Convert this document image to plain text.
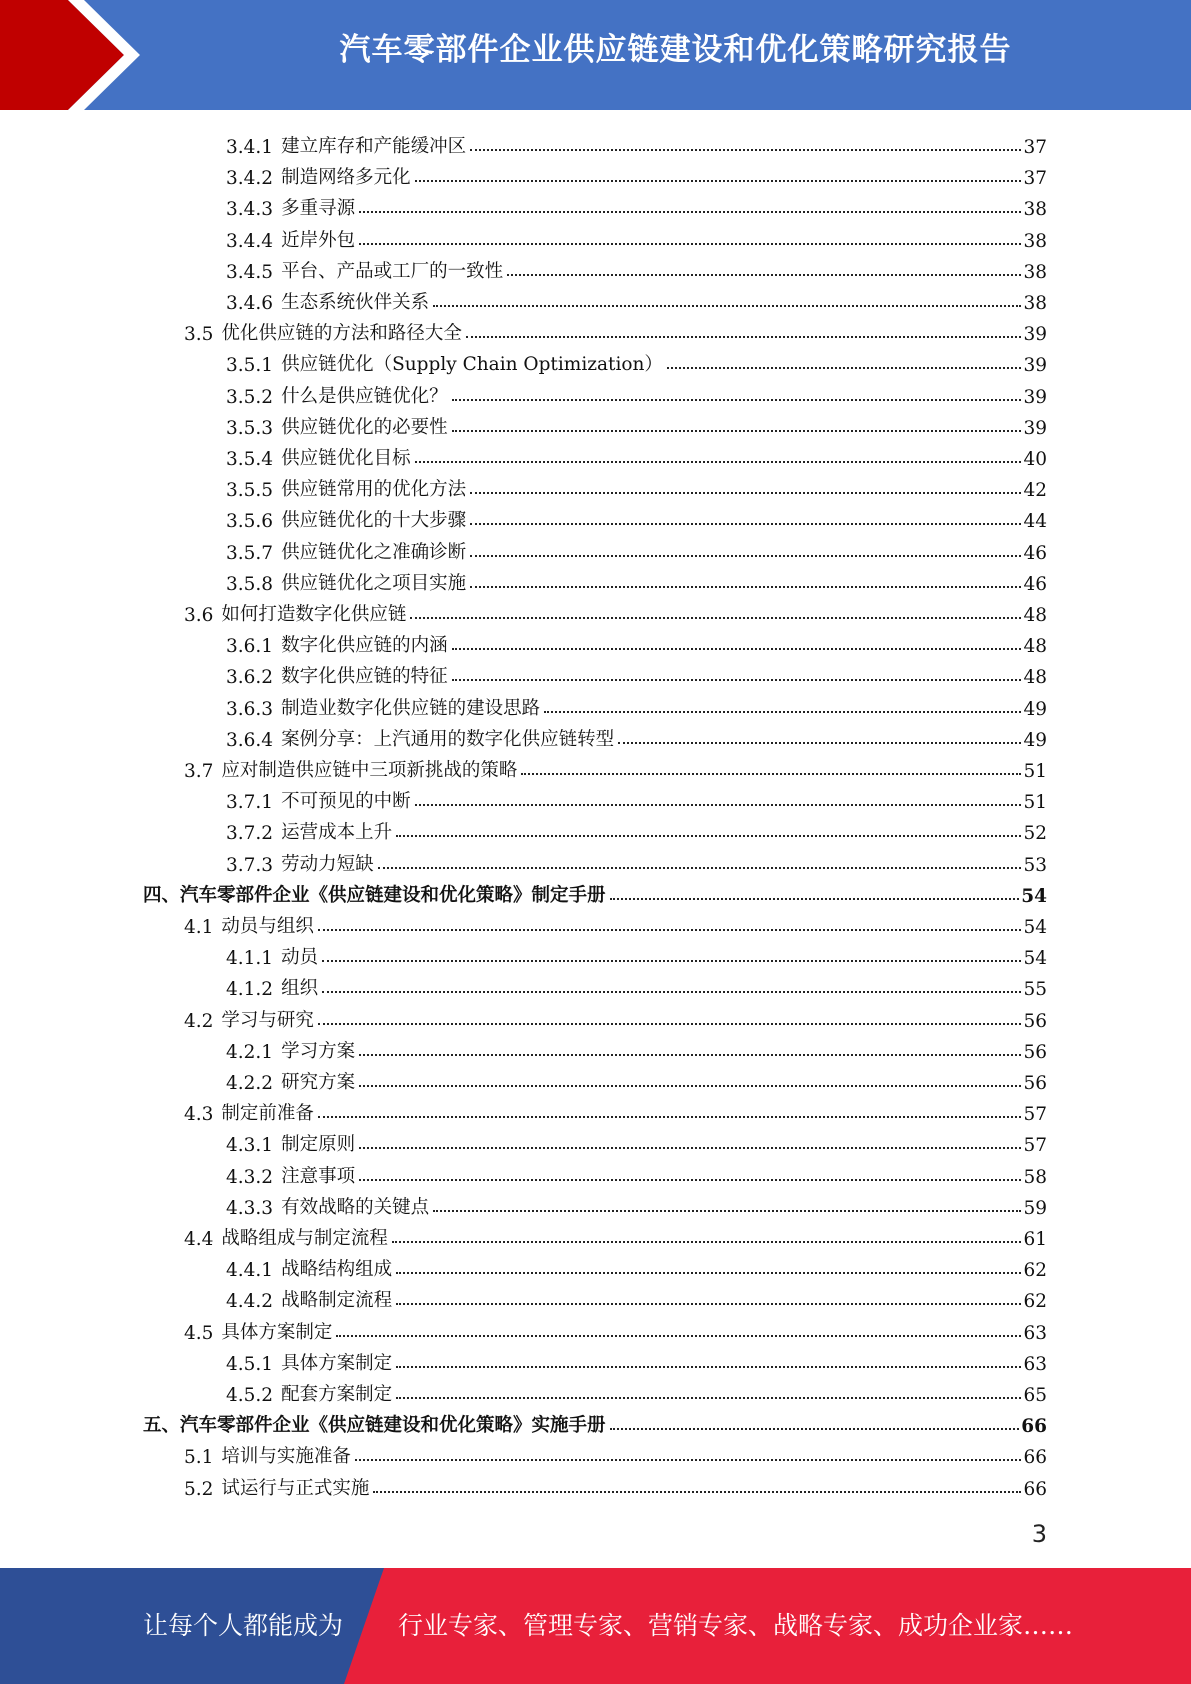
汽车零部件企业供应链建设和优化策略研究报告
3.4.1 建立库存和产能缓冲区	37
3.4.2 制造网络多元化	37
3.4.3 多重寻源	38
3.4.4 近岸外包	38
3.4.5 平台、产品或工厂的一致性	38
3.4.6 生态系统伙伴关系	38
3.5 优化供应链的方法和路径大全	39
3.5.1 供应链优化（Supply Chain Optimization）	39
3.5.2 什么是供应链优化？	39
3.5.3 供应链优化的必要性	39
3.5.4 供应链优化目标	40
3.5.5 供应链常用的优化方法	42
3.5.6 供应链优化的十大步骤	44
3.5.7 供应链优化之准确诊断	46
3.5.8 供应链优化之项目实施	46
3.6 如何打造数字化供应链	48
3.6.1 数字化供应链的内涵	48
3.6.2 数字化供应链的特征	48
3.6.3 制造业数字化供应链的建设思路	49
3.6.4 案例分享：上汽通用的数字化供应链转型	49
3.7 应对制造供应链中三项新挑战的策略	51
3.7.1 不可预见的中断	51
3.7.2 运营成本上升	52
3.7.3 劳动力短缺	53
四、 汽车零部件企业《供应链建设和优化策略》制定手册	54
4.1 动员与组织	54
4.1.1 动员	54
4.1.2 组织	55
4.2 学习与研究	56
4.2.1 学习方案	56
4.2.2 研究方案	56
4.3 制定前准备	57
4.3.1 制定原则	57
4.3.2 注意事项	58
4.3.3 有效战略的关键点	59
4.4 战略组成与制定流程	61
4.4.1 战略结构组成	62
4.4.2 战略制定流程	62
4.5 具体方案制定	63
4.5.1 具体方案制定	63
4.5.2 配套方案制定	65
五、 汽车零部件企业《供应链建设和优化策略》实施手册	66
5.1 培训与实施准备	66
5.2 试运行与正式实施	66
3
让每个人都能成为 行业专家、管理专家、营销专家、战略专家、成功企业家……
